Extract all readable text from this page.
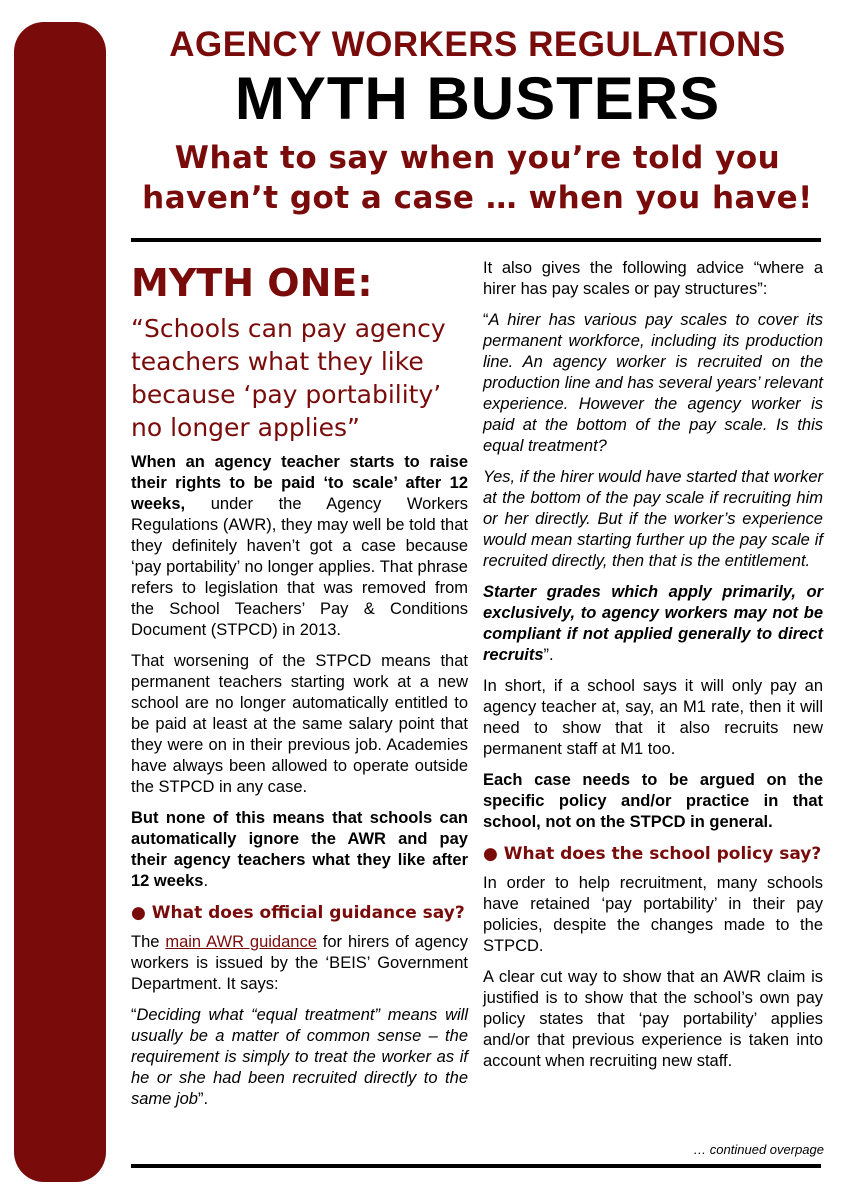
AGENCY WORKERS REGULATIONS
MYTH BUSTERS
What to say when you’re told you
haven’t got a case … when you have!
MYTH ONE:
“Schools can pay agency teachers what they like because ‘pay portability’ no longer applies”

When an agency teacher starts to raise their rights to be paid ‘to scale’ after 12 weeks, under the Agency Workers Regulations (AWR), they may well be told that they definitely haven’t got a case because ‘pay portability’ no longer applies. That phrase refers to legislation that was removed from the School Teachers’ Pay & Conditions Document (STPCD) in 2013.

That worsening of the STPCD means that permanent teachers starting work at a new school are no longer automatically entitled to be paid at least at the same salary point that they were on in their previous job. Academies have always been allowed to operate outside the STPCD in any case.

But none of this means that schools can automatically ignore the AWR and pay their agency teachers what they like after 12 weeks.

● What does official guidance say?

The main AWR guidance for hirers of agency workers is issued by the ‘BEIS’ Government Department. It says:

“Deciding what “equal treatment” means will usually be a matter of common sense – the requirement is simply to treat the worker as if he or she had been recruited directly to the same job”.

It also gives the following advice “where a hirer has pay scales or pay structures”:

“A hirer has various pay scales to cover its permanent workforce, including its production line. An agency worker is recruited on the production line and has several years’ relevant experience. However the agency worker is paid at the bottom of the pay scale. Is this equal treatment?

Yes, if the hirer would have started that worker at the bottom of the pay scale if recruiting him or her directly. But if the worker’s experience would mean starting further up the pay scale if recruited directly, then that is the entitlement.

Starter grades which apply primarily, or exclusively, to agency workers may not be compliant if not applied generally to direct recruits”.

In short, if a school says it will only pay an agency teacher at, say, an M1 rate, then it will need to show that it also recruits new permanent staff at M1 too.

Each case needs to be argued on the specific policy and/or practice in that school, not on the STPCD in general.

● What does the school policy say?

In order to help recruitment, many schools have retained ‘pay portability’ in their pay policies, despite the changes made to the STPCD.

A clear cut way to show that an AWR claim is justified is to show that the school’s own pay policy states that ‘pay portability’ applies and/or that previous experience is taken into account when recruiting new staff.

… continued overpage
